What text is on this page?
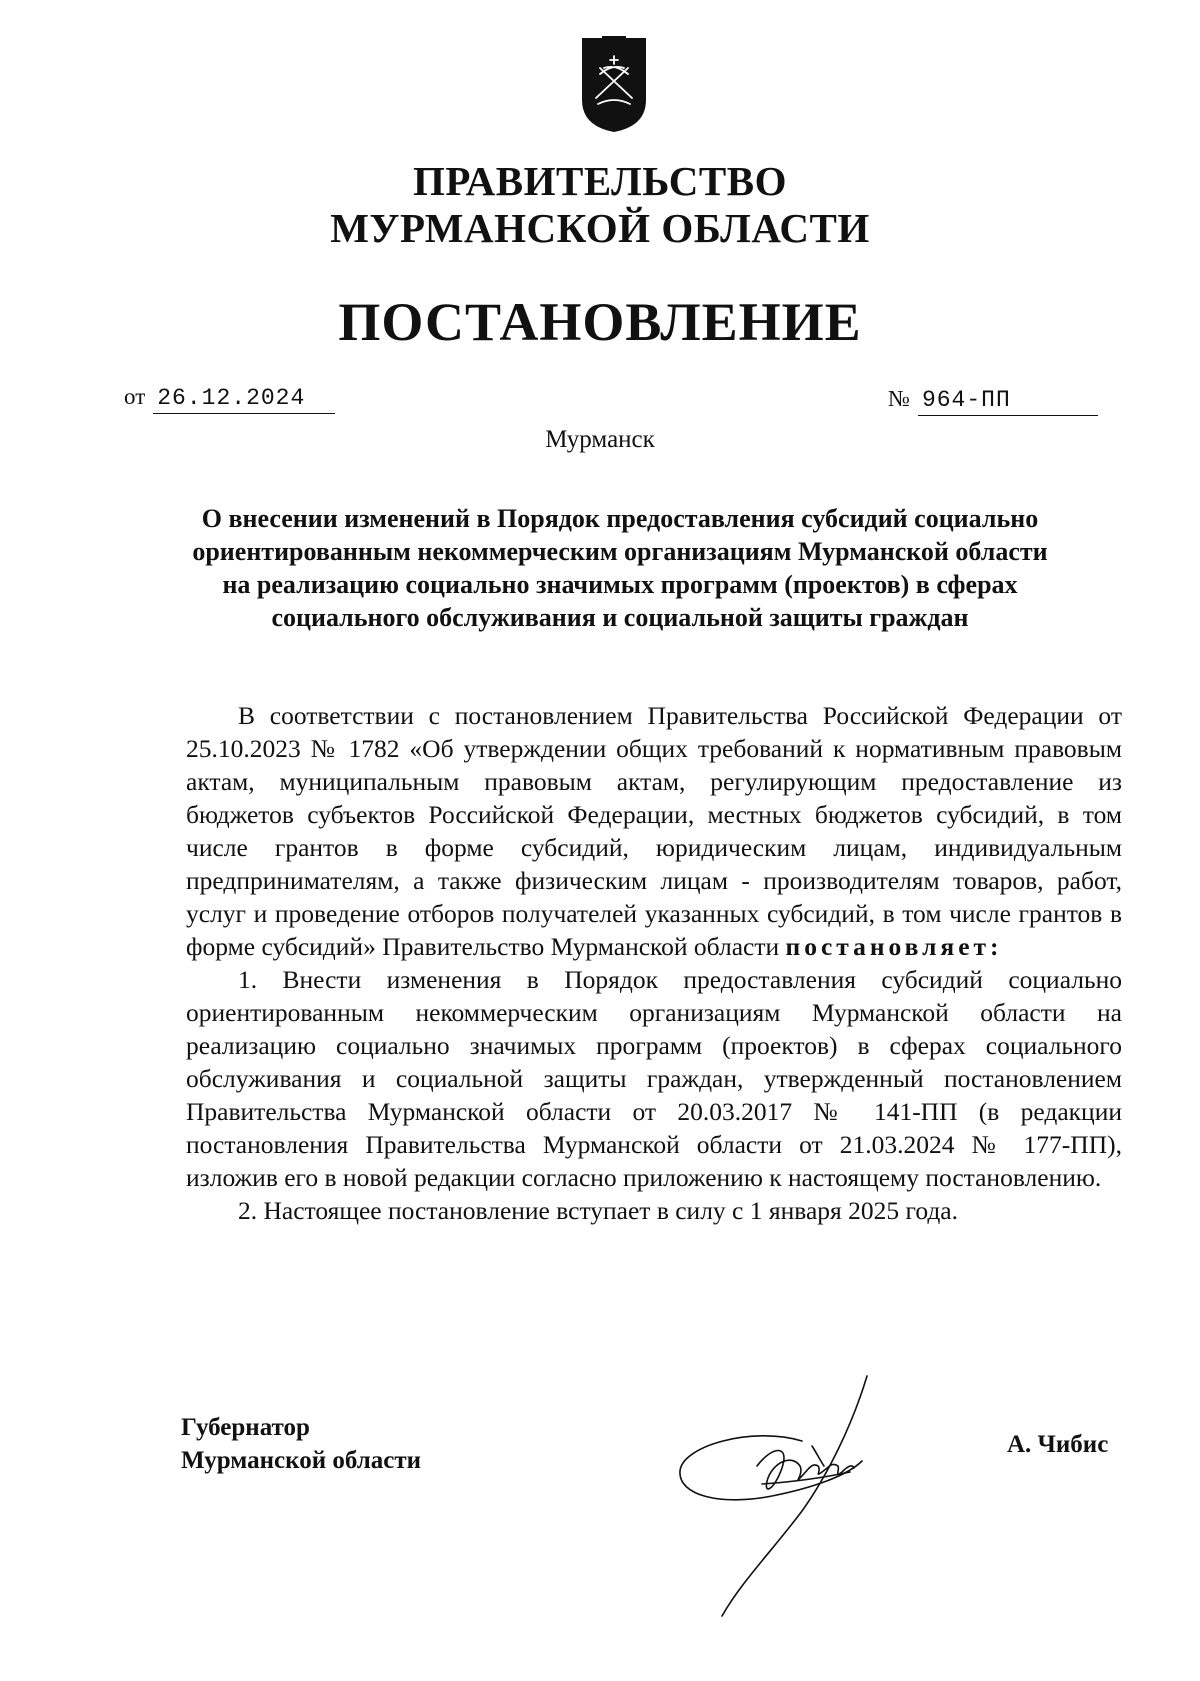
ПРАВИТЕЛЬСТВО
МУРМАНСКОЙ ОБЛАСТИ
ПОСТАНОВЛЕНИЕ
от 26.12.2024	№ 964-ПП
Мурманск
О внесении изменений в Порядок предоставления субсидий социально ориентированным некоммерческим организациям Мурманской области на реализацию социально значимых программ (проектов) в сферах социального обслуживания и социальной защиты граждан

В соответствии с постановлением Правительства Российской Федерации от 25.10.2023 № 1782 «Об утверждении общих требований к нормативным правовым актам, муниципальным правовым актам, регулирующим предоставление из бюджетов субъектов Российской Федерации, местных бюджетов субсидий, в том числе грантов в форме субсидий, юридическим лицам, индивидуальным предпринимателям, а также физическим лицам - производителям товаров, работ, услуг и проведение отборов получателей указанных субсидий, в том числе грантов в форме субсидий» Правительство Мурманской области постановляет:

1. Внести изменения в Порядок предоставления субсидий социально ориентированным некоммерческим организациям Мурманской области на реализацию социально значимых программ (проектов) в сферах социального обслуживания и социальной защиты граждан, утвержденный постановлением Правительства Мурманской области от 20.03.2017 № 141-ПП (в редакции постановления Правительства Мурманской области от 21.03.2024 № 177-ПП), изложив его в новой редакции согласно приложению к настоящему постановлению.

2. Настоящее постановление вступает в силу с 1 января 2025 года.

Губернатор
Мурманской области
А. Чибис
